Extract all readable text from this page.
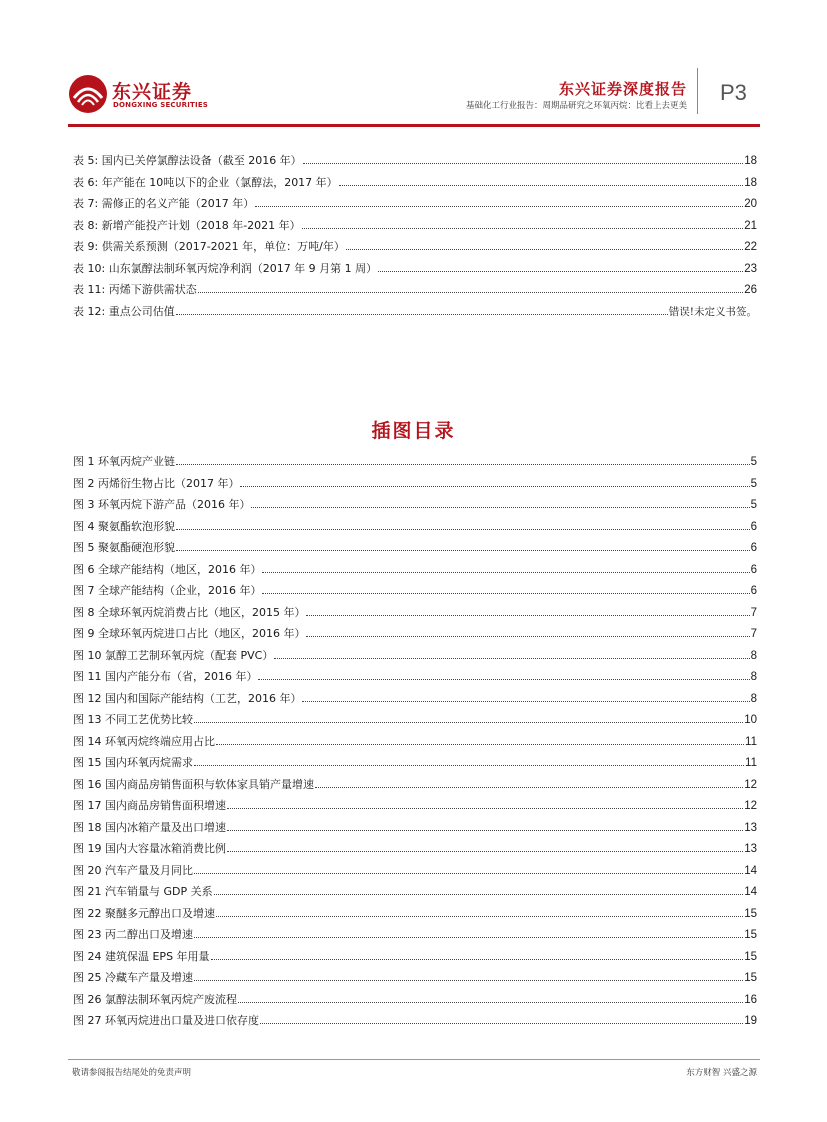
东兴证券
DONGXING SECURITIES
东兴证券深度报告
基础化工行业报告：周期品研究之环氧丙烷：比看上去更美
P3
表 5: 国内已关停氯醇法设备（截至 2016 年）	18
表 6: 年产能在 10吨以下的企业（氯醇法，2017 年）	18
表 7: 需修正的名义产能（2017 年）	20
表 8: 新增产能投产计划（2018 年-2021 年）	21
表 9: 供需关系预测（2017-2021 年，单位：万吨/年）	22
表 10: 山东氯醇法制环氧丙烷净利润（2017 年 9 月第 1 周）	23
表 11: 丙烯下游供需状态	26
表 12: 重点公司估值	错误!未定义书签。
插图目录
图 1 环氧丙烷产业链	5
图 2 丙烯衍生物占比（2017 年）	5
图 3 环氧丙烷下游产品（2016 年）	5
图 4 聚氨酯软泡形貌	6
图 5 聚氨酯硬泡形貌	6
图 6 全球产能结构（地区，2016 年）	6
图 7 全球产能结构（企业，2016 年）	6
图 8 全球环氧丙烷消费占比（地区，2015 年）	7
图 9 全球环氧丙烷进口占比（地区，2016 年）	7
图 10 氯醇工艺制环氧丙烷（配套 PVC）	8
图 11 国内产能分布（省，2016 年）	8
图 12 国内和国际产能结构（工艺，2016 年）	8
图 13 不同工艺优势比较	10
图 14 环氧丙烷终端应用占比	11
图 15 国内环氧丙烷需求	11
图 16 国内商品房销售面积与软体家具销产量增速	12
图 17 国内商品房销售面积增速	12
图 18 国内冰箱产量及出口增速	13
图 19 国内大容量冰箱消费比例	13
图 20 汽车产量及月同比	14
图 21 汽车销量与 GDP 关系	14
图 22 聚醚多元醇出口及增速	15
图 23 丙二醇出口及增速	15
图 24 建筑保温 EPS 年用量	15
图 25 冷藏车产量及增速	15
图 26 氯醇法制环氧丙烷产废流程	16
图 27 环氧丙烷进出口量及进口依存度	19
敬请参阅报告结尾处的免责声明	东方财智 兴盛之源
